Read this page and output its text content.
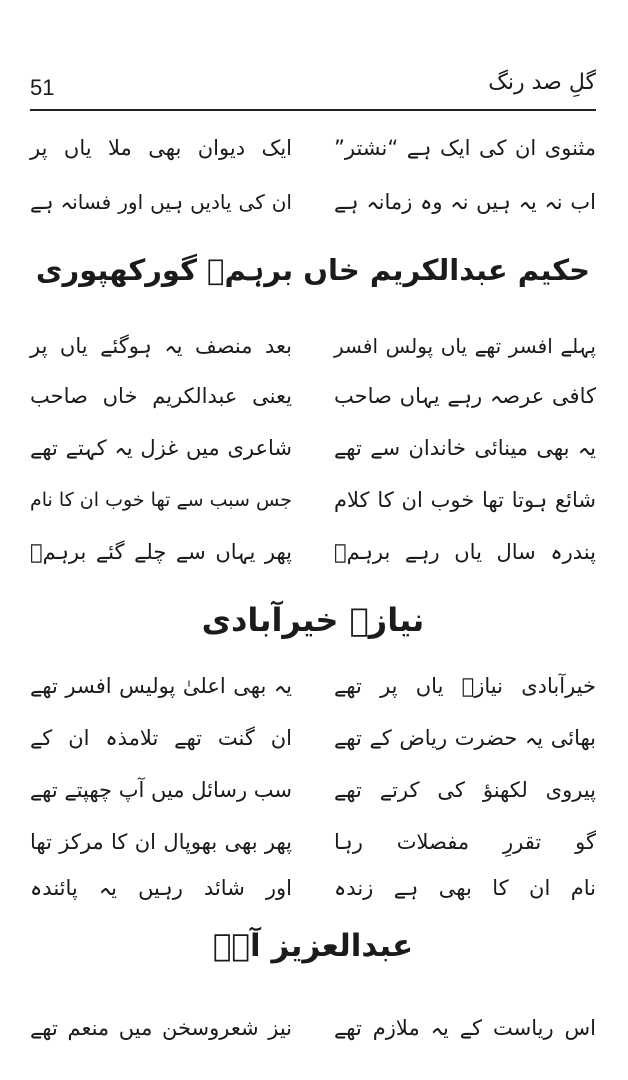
51	گلِ صد رنگ
مثنوی ان کی ایک ہے “نشتر”
ایک دیوان بھی ملا یاں پر
اب نہ یہ ہیں نہ وہ زمانہ ہے
ان کی یادیں ہیں اور فسانہ ہے
حکیم عبدالکریم خاں برہمؔ گورکھپوری
پہلے افسر تھے یاں پولس افسر
بعد منصف یہ ہوگئے یاں پر
کافی عرصہ رہے یہاں صاحب
یعنی عبدالکریم خاں صاحب
یہ بھی مینائی خاندان سے تھے
شاعری میں غزل یہ کہتے تھے
شائع ہوتا تھا خوب ان کا کلام
جس سبب سے تھا خوب ان کا نام
پندرہ سال یاں رہے برہمؔ
پھر یہاں سے چلے گئے برہمؔ
نیازؔ خیرآبادی
خیرآبادی نیازؔ یاں پر تھے
یہ بھی اعلیٰ پولیس افسر تھے
بھائی یہ حضرت ریاض کے تھے
ان گنت تھے تلامذہ ان کے
پیروی لکھنؤ کی کرتے تھے
سب رسائل میں آپ چھپتے تھے
گو تقررِ مفصلات رہا
پھر بھی بھوپال ان کا مرکز تھا
نام ان کا بھی ہے زندہ
اور شائد رہیں یہ پائندہ
عبدالعزیز آہؔ
اس ریاست کے یہ ملازم تھے
نیز شعروسخن میں منعم تھے
